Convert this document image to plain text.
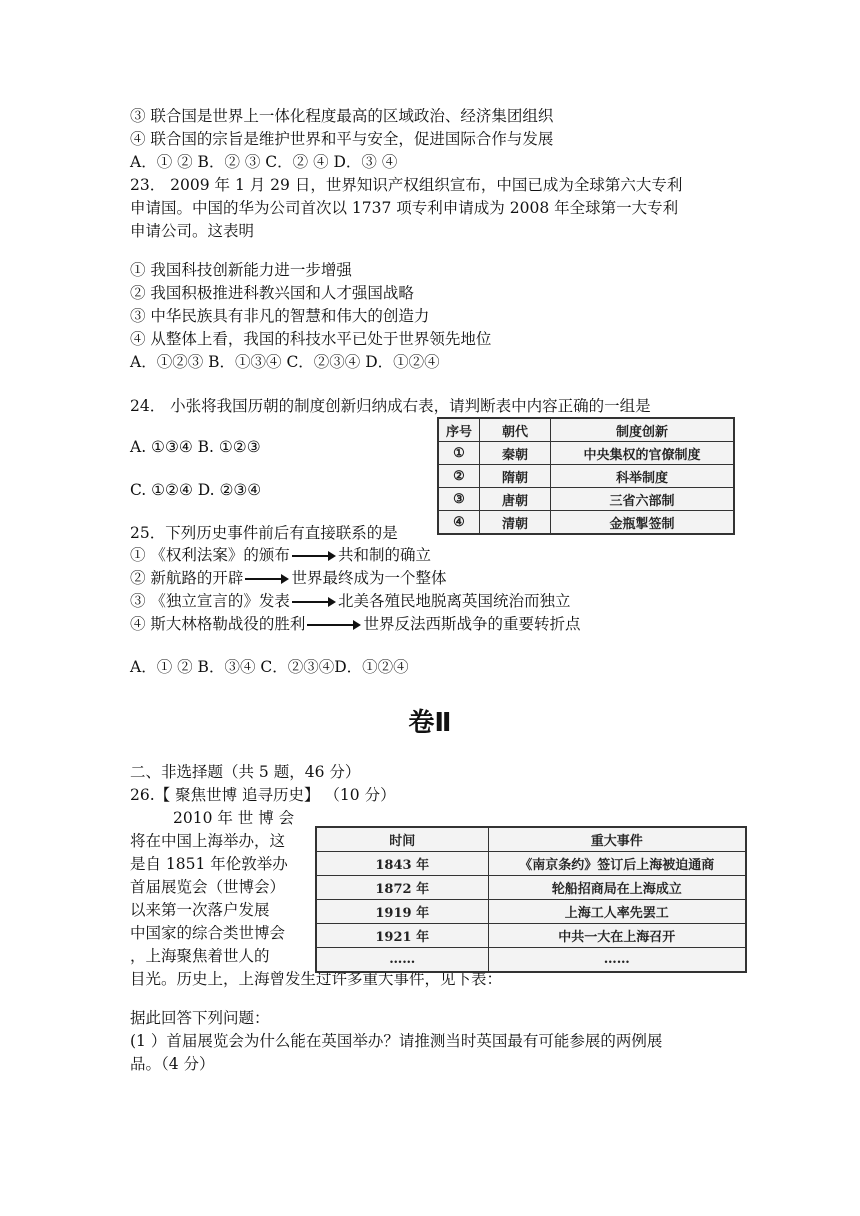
③ 联合国是世界上一体化程度最高的区域政治、经济集团组织
④ 联合国的宗旨是维护世界和平与安全，促进国际合作与发展
A．① ② B．② ③ C．② ④ D．③ ④
23． 2009 年 1 月 29 日，世界知识产权组织宣布，中国已成为全球第六大专利
申请国。中国的华为公司首次以 1737 项专利申请成为 2008 年全球第一大专利
申请公司。这表明
① 我国科技创新能力进一步增强
② 我国积极推进科教兴国和人才强国战略
③ 中华民族具有非凡的智慧和伟大的创造力
④ 从整体上看，我国的科技水平已处于世界领先地位
A．①②③ B．①③④ C．②③④ D．①②④
24． 小张将我国历朝的制度创新归纳成右表，请判断表中内容正确的一组是
A. ①③④ B. ①②③
C. ①②④ D. ②③④
序号	朝代	制度创新
①	秦朝	中央集权的官僚制度
②	隋朝	科举制度
③	唐朝	三省六部制
④	清朝	金瓶掣签制
25．下列历史事件前后有直接联系的是
① 《权利法案》的颁布	共和制的确立
② 新航路的开辟	世界最终成为一个整体
③ 《独立宣言的》发表	北美各殖民地脱离英国统治而独立
④ 斯大林格勒战役的胜利	世界反法西斯战争的重要转折点
A．① ② B．③④ C．②③④D．①②④
卷Ⅱ
二、非选择题（共 5 题，46 分）
26.【 聚焦世博 追寻历史】 （10 分）
2010 年 世 博 会
将在中国上海举办，这
是自 1851 年伦敦举办
首届展览会（世博会）
以来第一次落户发展
中国家的综合类世博会
，上海聚焦着世人的
目光。历史上，上海曾发生过许多重大事件，见下表：
时间	重大事件
1843 年	《南京条约》签订后上海被迫通商
1872 年	轮船招商局在上海成立
1919 年	上海工人率先罢工
1921 年	中共一大在上海召开
……	……
据此回答下列问题：
(1 ）首届展览会为什么能在英国举办？请推测当时英国最有可能参展的两例展
品。（4 分）
